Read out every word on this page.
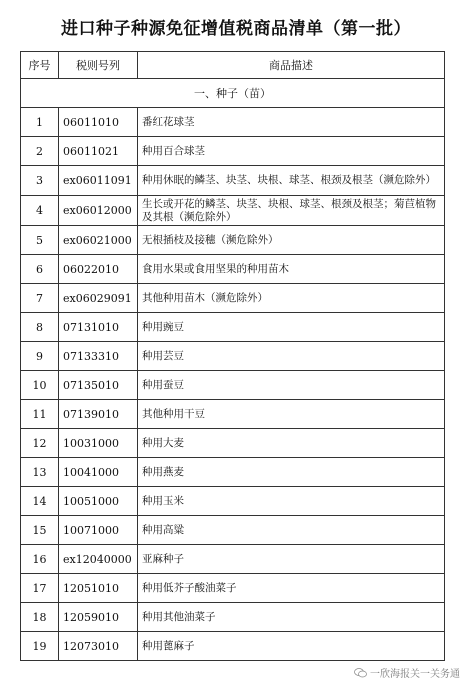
进口种子种源免征增值税商品清单（第一批）
序号	税则号列	商品描述
一、种子（苗）		
1	06011010	番红花球茎
2	06011021	种用百合球茎
3	ex06011091	种用休眠的鳞茎、块茎、块根、球茎、根颈及根茎（濒危除外）
4	ex06012000	生长或开花的鳞茎、块茎、块根、球茎、根颈及根茎；菊苣植物及其根（濒危除外）
5	ex06021000	无根插枝及接穗（濒危除外）
6	06022010	食用水果或食用坚果的种用苗木
7	ex06029091	其他种用苗木（濒危除外）
8	07131010	种用豌豆
9	07133310	种用芸豆
10	07135010	种用蚕豆
11	07139010	其他种用干豆
12	10031000	种用大麦
13	10041000	种用燕麦
14	10051000	种用玉米
15	10071000	种用高粱
16	ex12040000	亚麻种子
17	12051010	种用低芥子酸油菜子
18	12059010	种用其他油菜子
19	12073010	种用蓖麻子
一欣海报关一关务通
